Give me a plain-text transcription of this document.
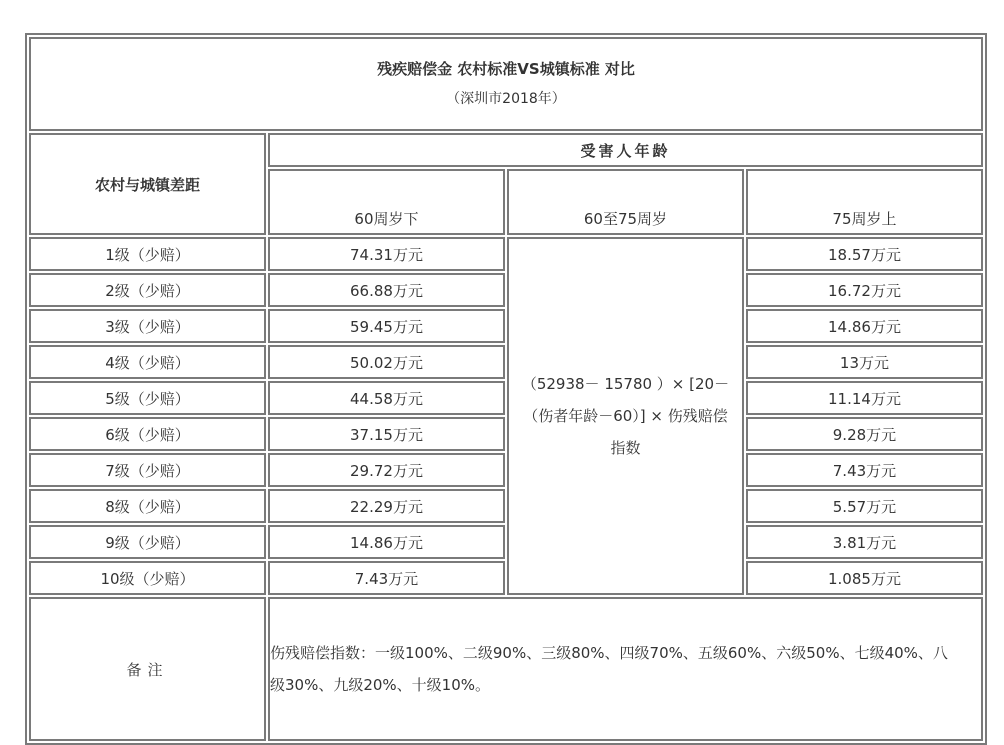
残疾赔偿金 农村标准VS城镇标准 对比
（深圳市2018年）			

农村与城镇差距	受害人年龄		
	60周岁下	60至75周岁	75周岁上
1级（少赔）	74.31万元	（52938－ 15780 ）× [20－（伤者年龄－60）] × 伤残赔偿指数	18.57万元
2级（少赔）	66.88万元		16.72万元
3级（少赔）	59.45万元		14.86万元
4级（少赔）	50.02万元		13万元
5级（少赔）	44.58万元		11.14万元
6级（少赔）	37.15万元		9.28万元
7级（少赔）	29.72万元		7.43万元
8级（少赔）	22.29万元		5.57万元
9级（少赔）	14.86万元		3.81万元
10级（少赔）	7.43万元		1.085万元
备注	伤残赔偿指数：一级100%、二级90%、三级80%、四级70%、五级60%、六级50%、七级40%、八级30%、九级20%、十级10%。		
